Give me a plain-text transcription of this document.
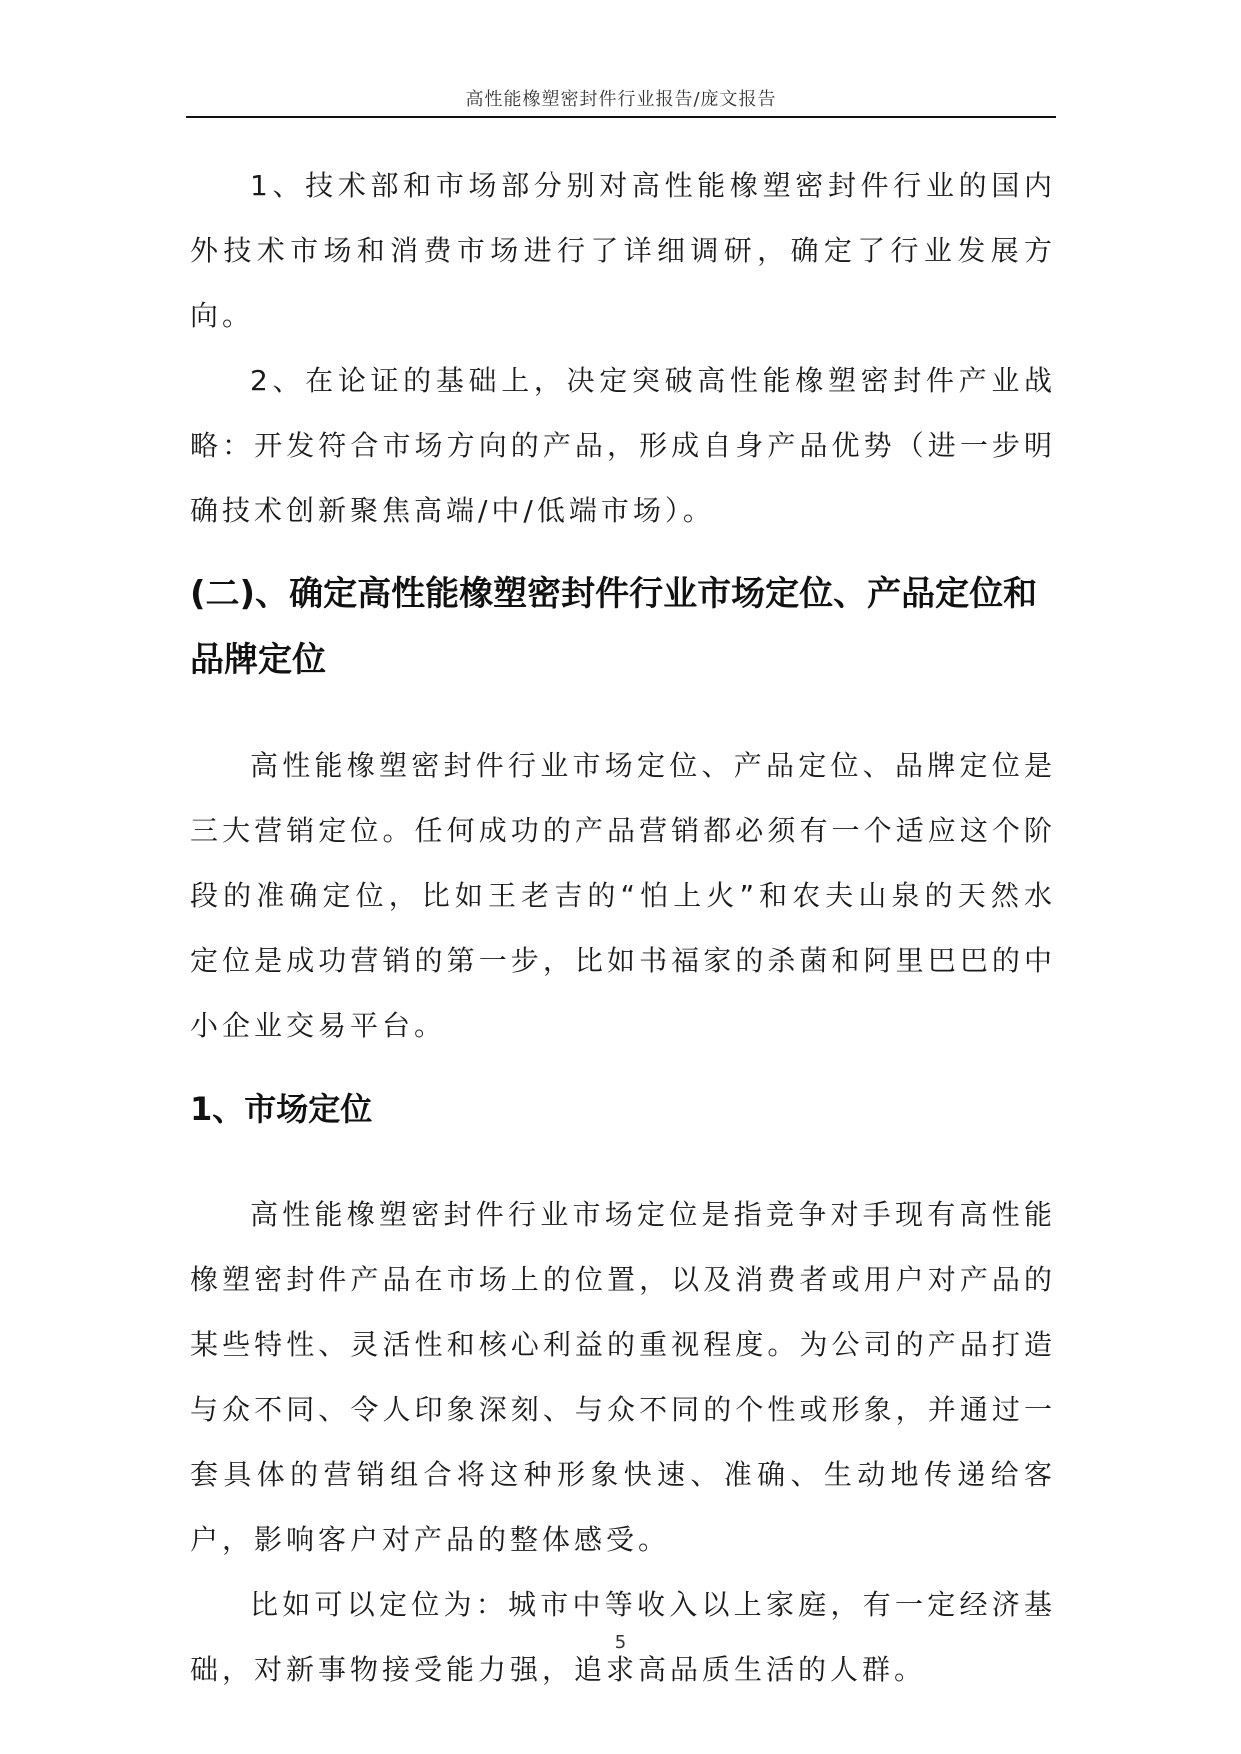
高性能橡塑密封件行业报告/庞文报告

1、技术部和市场部分别对高性能橡塑密封件行业的国内外技术市场和消费市场进行了详细调研，确定了行业发展方向。

2、在论证的基础上，决定突破高性能橡塑密封件产业战略：开发符合市场方向的产品，形成自身产品优势（进一步明确技术创新聚焦高端/中/低端市场）。

(二)、确定高性能橡塑密封件行业市场定位、产品定位和品牌定位

高性能橡塑密封件行业市场定位、产品定位、品牌定位是三大营销定位。任何成功的产品营销都必须有一个适应这个阶段的准确定位，比如王老吉的“怕上火”和农夫山泉的天然水定位是成功营销的第一步，比如书福家的杀菌和阿里巴巴的中小企业交易平台。

1、市场定位

高性能橡塑密封件行业市场定位是指竞争对手现有高性能橡塑密封件产品在市场上的位置，以及消费者或用户对产品的某些特性、灵活性和核心利益的重视程度。为公司的产品打造与众不同、令人印象深刻、与众不同的个性或形象，并通过一套具体的营销组合将这种形象快速、准确、生动地传递给客户，影响客户对产品的整体感受。

比如可以定位为：城市中等收入以上家庭，有一定经济基础，对新事物接受能力强，追求高品质生活的人群。

5
